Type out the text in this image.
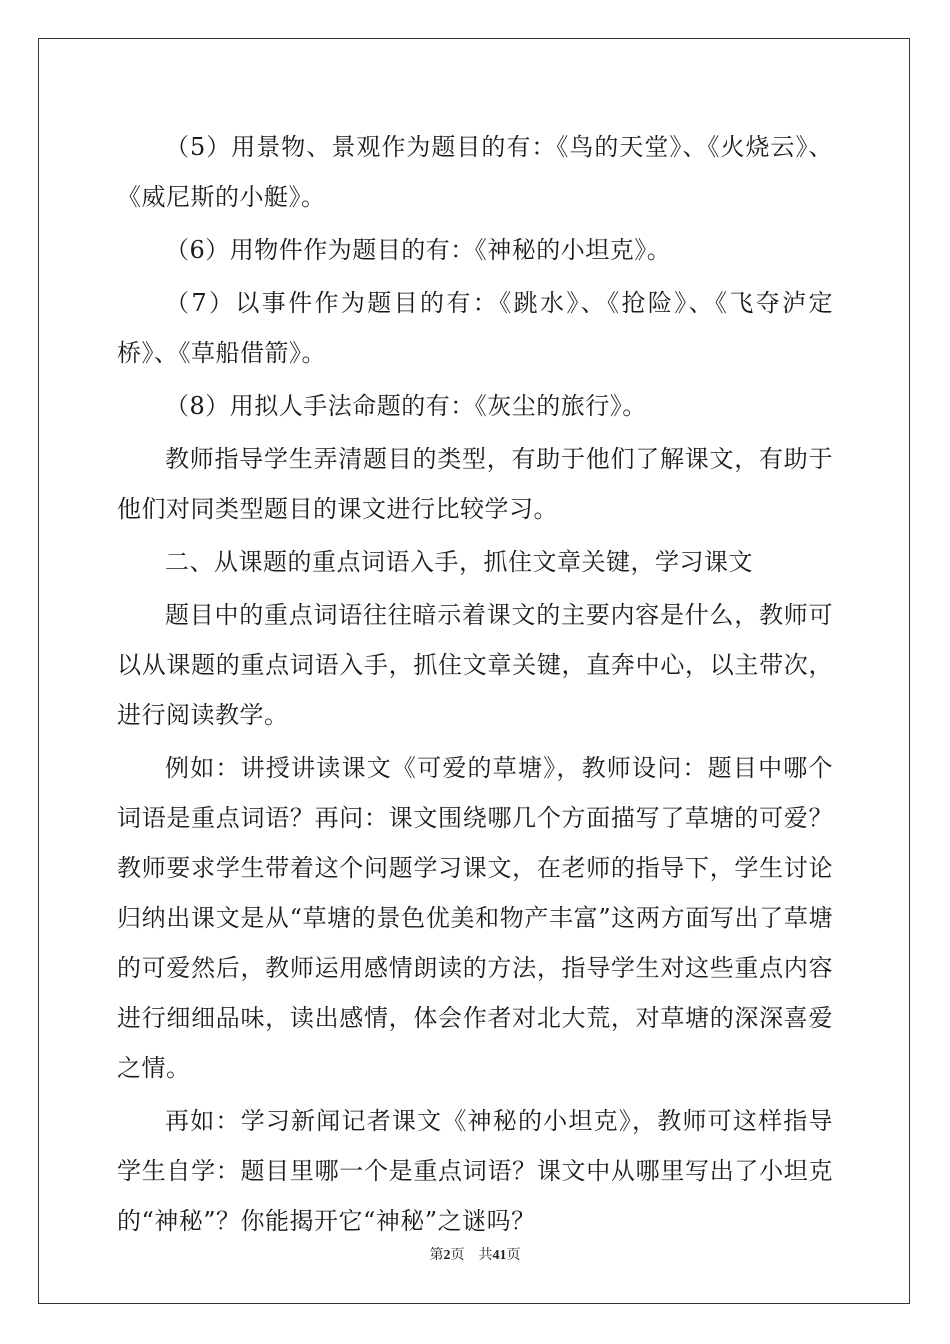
（5）用景物、景观作为题目的有：《鸟的天堂》、《火烧云》、《威尼斯的小艇》。

（6）用物件作为题目的有：《神秘的小坦克》。

（7）以事件作为题目的有：《跳水》、《抢险》、《飞夺泸定桥》、《草船借箭》。

（8）用拟人手法命题的有：《灰尘的旅行》。

教师指导学生弄清题目的类型，有助于他们了解课文，有助于他们对同类型题目的课文进行比较学习。

二、从课题的重点词语入手，抓住文章关键，学习课文

题目中的重点词语往往暗示着课文的主要内容是什么，教师可以从课题的重点词语入手，抓住文章关键，直奔中心，以主带次，进行阅读教学。

例如：讲授讲读课文《可爱的草塘》，教师设问：题目中哪个词语是重点词语？再问：课文围绕哪几个方面描写了草塘的可爱？教师要求学生带着这个问题学习课文，在老师的指导下，学生讨论归纳出课文是从“草塘的景色优美和物产丰富”这两方面写出了草塘的可爱然后，教师运用感情朗读的方法，指导学生对这些重点内容进行细细品味，读出感情，体会作者对北大荒，对草塘的深深喜爱之情。

再如：学习新闻记者课文《神秘的小坦克》，教师可这样指导学生自学：题目里哪一个是重点词语？课文中从哪里写出了小坦克的“神秘”？你能揭开它“神秘”之谜吗？

第2页 共41页
